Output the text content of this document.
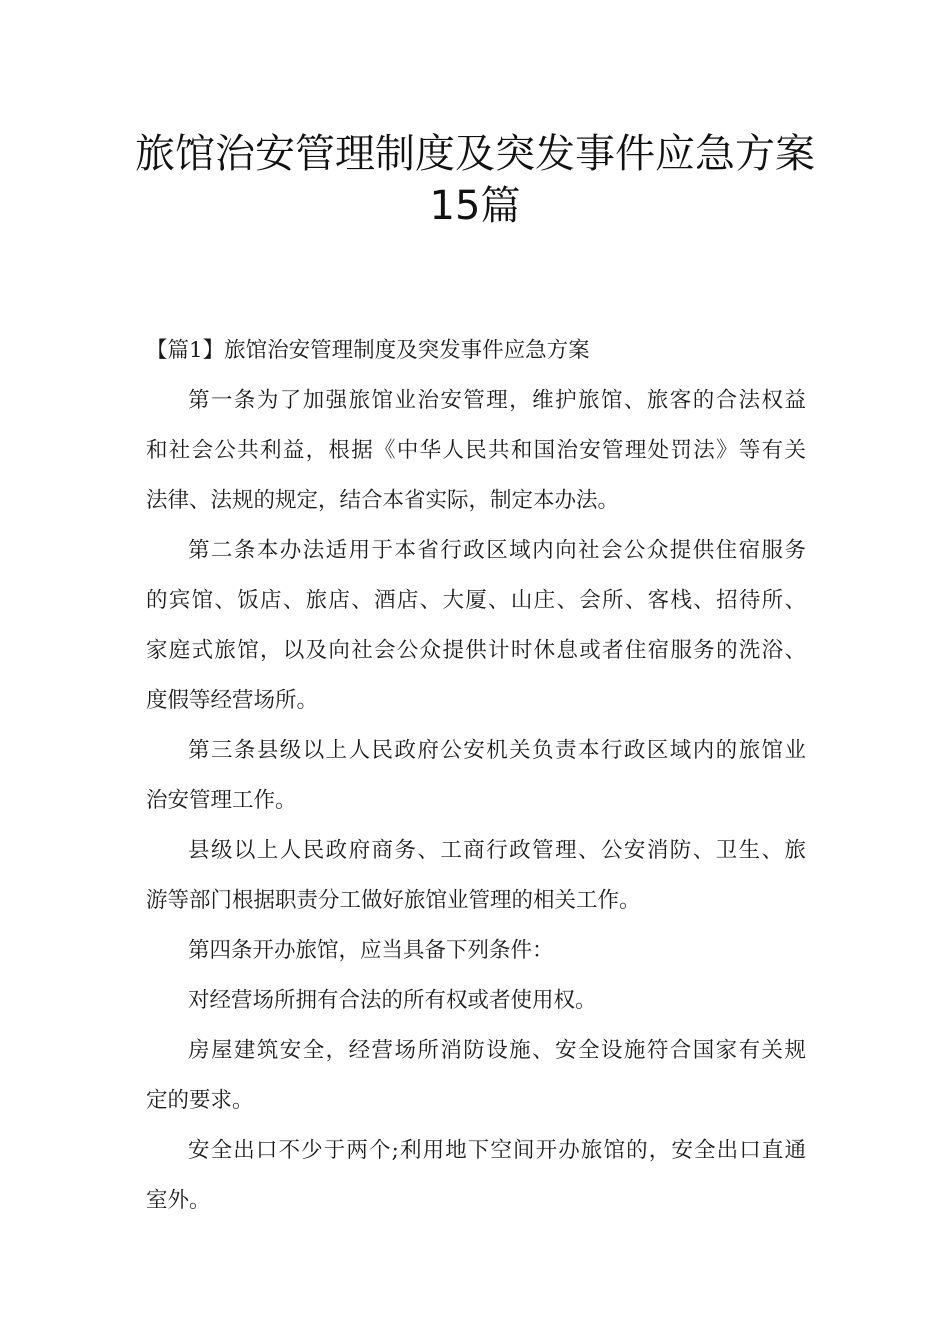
旅馆治安管理制度及突发事件应急方案
15篇
【篇1】旅馆治安管理制度及突发事件应急方案
第一条为了加强旅馆业治安管理，维护旅馆、旅客的合法权益
和社会公共利益，根据《中华人民共和国治安管理处罚法》等有关
法律、法规的规定，结合本省实际，制定本办法。
第二条本办法适用于本省行政区域内向社会公众提供住宿服务
的宾馆、饭店、旅店、酒店、大厦、山庄、会所、客栈、招待所、
家庭式旅馆，以及向社会公众提供计时休息或者住宿服务的洗浴、
度假等经营场所。
第三条县级以上人民政府公安机关负责本行政区域内的旅馆业
治安管理工作。
县级以上人民政府商务、工商行政管理、公安消防、卫生、旅
游等部门根据职责分工做好旅馆业管理的相关工作。
第四条开办旅馆，应当具备下列条件：
对经营场所拥有合法的所有权或者使用权。
房屋建筑安全，经营场所消防设施、安全设施符合国家有关规
定的要求。
安全出口不少于两个;利用地下空间开办旅馆的，安全出口直通
室外。
